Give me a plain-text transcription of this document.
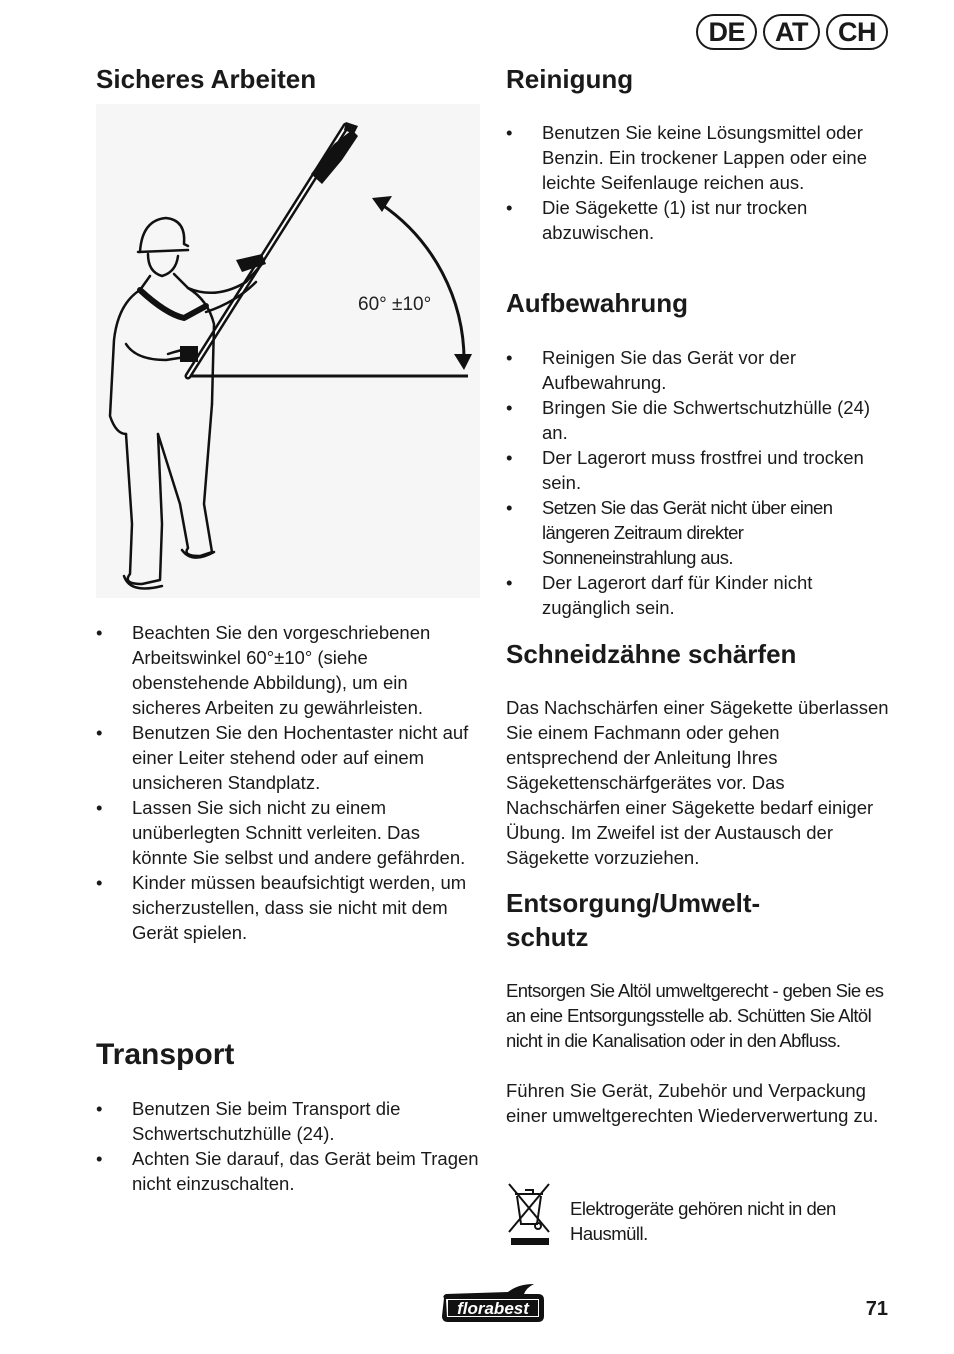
DE	AT	CH
Sicheres Arbeiten
60° ±10°
• Beachten Sie den vorgeschriebenen Arbeitswinkel 60°±10° (siehe obenstehende Abbildung), um ein sicheres Arbeiten zu gewährleisten.
• Benutzen Sie den Hochentaster nicht auf einer Leiter stehend oder auf einem unsicheren Standplatz.
• Lassen Sie sich nicht zu einem unüberlegten Schnitt verleiten. Das könnte Sie selbst und andere gefährden.
• Kinder müssen beaufsichtigt werden, um sicherzustellen, dass sie nicht mit dem Gerät spielen.
Transport
• Benutzen Sie beim Transport die Schwertschutzhülle (24).
• Achten Sie darauf, das Gerät beim Tragen nicht einzuschalten.
Reinigung
• Benutzen Sie keine Lösungsmittel oder Benzin. Ein trockener Lappen oder eine leichte Seifenlauge reichen aus.
• Die Sägekette (1) ist nur trocken abzuwischen.
Aufbewahrung
• Reinigen Sie das Gerät vor der Aufbewahrung.
• Bringen Sie die Schwertschutzhülle (24) an.
• Der Lagerort muss frostfrei und trocken sein.
• Setzen Sie das Gerät nicht über einen längeren Zeitraum direkter Sonneneinstrahlung aus.
• Der Lagerort darf für Kinder nicht zugänglich sein.
Schneidzähne schärfen

Das Nachschärfen einer Sägekette überlassen Sie einem Fachmann oder gehen entsprechend der Anleitung Ihres Sägekettenschärfgerätes vor. Das Nachschärfen einer Sägekette bedarf einiger Übung. Im Zweifel ist der Austausch der Sägekette vorzuziehen.

Entsorgung/Umwelt-
schutz

Entsorgen Sie Altöl umweltgerecht - geben Sie es an eine Entsorgungsstelle ab. Schütten Sie Altöl nicht in die Kanalisation oder in den Abfluss.

Führen Sie Gerät, Zubehör und Verpackung einer umweltgerechten Wiederverwertung zu.

Elektrogeräte gehören nicht in den Hausmüll.
florabest	71
